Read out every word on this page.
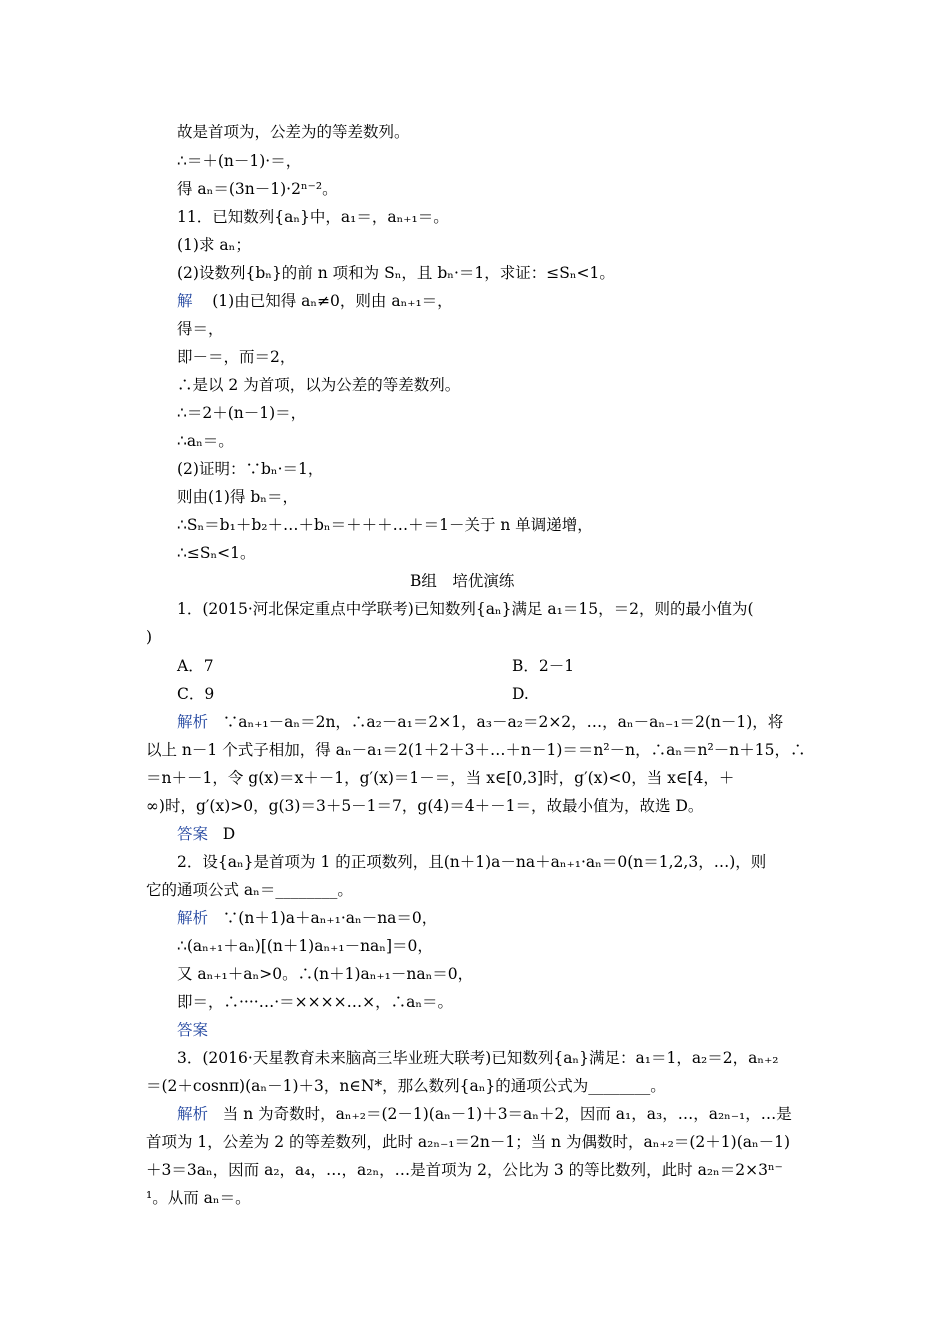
故是首项为，公差为的等差数列。
∴＝＋(n－1)·＝，
得 aₙ＝(3n－1)·2ⁿ⁻²。
11．已知数列{aₙ}中，a₁＝，aₙ₊₁＝。
(1)求 aₙ；
(2)设数列{bₙ}的前 n 项和为 Sₙ，且 bₙ·＝1，求证：≤Sₙ<1。
解 (1)由已知得 aₙ≠0，则由 aₙ₊₁＝，
得＝，
即－＝，而＝2，
∴是以 2 为首项，以为公差的等差数列。
∴＝2＋(n－1)＝，
∴aₙ＝。
(2)证明：∵bₙ·＝1，
则由(1)得 bₙ＝，
∴Sₙ＝b₁＋b₂＋…＋bₙ＝＋＋＋…＋＝1－关于 n 单调递增，
∴≤Sₙ<1。
B组　培优演练
1．(2015·河北保定重点中学联考)已知数列{aₙ}满足 a₁＝15，＝2，则的最小值为(
)
A．7	B．2－1
C．9	D.
解析 ∵aₙ₊₁－aₙ＝2n，∴a₂－a₁＝2×1，a₃－a₂＝2×2，…，aₙ－aₙ₋₁＝2(n－1)，将
以上 n－1 个式子相加，得 aₙ－a₁＝2(1＋2＋3＋…＋n－1)＝＝n²－n，∴aₙ＝n²－n＋15，∴
＝n＋－1，令 g(x)＝x＋－1，g′(x)＝1－＝，当 x∈[0,3]时，g′(x)<0，当 x∈[4，＋
∞)时，g′(x)>0，g(3)＝3＋5－1＝7，g(4)＝4＋－1＝，故最小值为，故选 D。
答案 D
2．设{aₙ}是首项为 1 的正项数列，且(n＋1)a－na＋aₙ₊₁·aₙ＝0(n＝1,2,3，…)，则
它的通项公式 aₙ＝________。
解析 ∵(n＋1)a＋aₙ₊₁·aₙ－na＝0，
∴(aₙ₊₁＋aₙ)[(n＋1)aₙ₊₁－naₙ]＝0，
又 aₙ₊₁＋aₙ>0。∴(n＋1)aₙ₊₁－naₙ＝0，
即＝，∴····…·＝××××…×，∴aₙ＝。
答案
3．(2016·天星教育未来脑高三毕业班大联考)已知数列{aₙ}满足：a₁＝1，a₂＝2，aₙ₊₂
＝(2＋cosnπ)(aₙ－1)＋3，n∈N*，那么数列{aₙ}的通项公式为________。
解析 当 n 为奇数时，aₙ₊₂＝(2－1)(aₙ－1)＋3＝aₙ＋2，因而 a₁，a₃，…，a₂ₙ₋₁，…是
首项为 1，公差为 2 的等差数列，此时 a₂ₙ₋₁＝2n－1；当 n 为偶数时，aₙ₊₂＝(2＋1)(aₙ－1)
＋3＝3aₙ，因而 a₂，a₄，…，a₂ₙ，…是首项为 2，公比为 3 的等比数列，此时 a₂ₙ＝2×3ⁿ⁻
¹。从而 aₙ＝。
